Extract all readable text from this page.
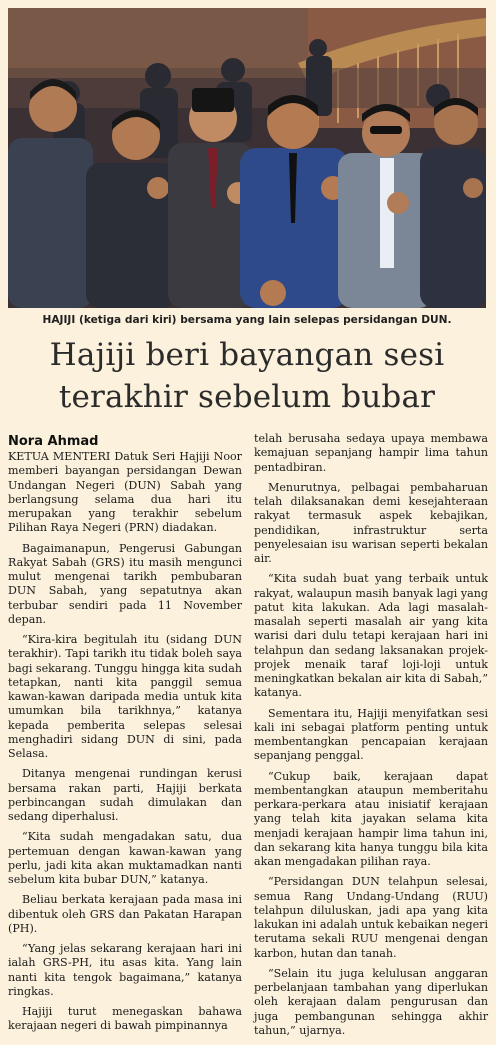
HAJIJI (ketiga dari kiri) bersama yang lain selepas persidangan DUN.
Hajiji beri bayangan sesi
terakhir sebelum bubar
Nora Ahmad

KETUA MENTERI Datuk Seri Hajiji Noor memberi bayangan persidangan Dewan Undangan Negeri (DUN) Sabah yang berlangsung selama dua hari itu merupakan yang terakhir sebelum Pilihan Raya Negeri (PRN) diadakan.

Bagaimanapun, Pengerusi Gabungan Rakyat Sabah (GRS) itu masih mengunci mulut mengenai tarikh pembubaran DUN Sabah, yang sepatutnya akan terbubar sendiri pada 11 November depan.

“Kira-kira begitulah itu (sidang DUN terakhir). Tapi tarikh itu tidak boleh saya bagi sekarang. Tunggu hingga kita sudah tetapkan, nanti kita panggil semua kawan-kawan daripada media untuk kita umumkan bila tarikhnya,” katanya kepada pemberita selepas selesai menghadiri sidang DUN di sini, pada Selasa.

Ditanya mengenai rundingan kerusi bersama rakan parti, Hajiji berkata perbincangan sudah dimulakan dan sedang diperhalusi.

“Kita sudah mengadakan satu, dua pertemuan dengan kawan-kawan yang perlu, jadi kita akan muktamadkan nanti sebelum kita bubar DUN,” katanya.

Beliau berkata kerajaan pada masa ini dibentuk oleh GRS dan Pakatan Harapan (PH).

“Yang jelas sekarang kerajaan hari ini ialah GRS-PH, itu asas kita. Yang lain nanti kita tengok bagaimana,” katanya ringkas.

Hajiji turut menegaskan bahawa kerajaan negeri di bawah pimpinannya

telah berusaha sedaya upaya membawa kemajuan sepanjang hampir lima tahun pentadbiran.

Menurutnya, pelbagai pembaharuan telah dilaksanakan demi kesejahteraan rakyat termasuk aspek kebajikan, pendidikan, infrastruktur serta penyelesaian isu warisan seperti bekalan air.

“Kita sudah buat yang terbaik untuk rakyat, walaupun masih banyak lagi yang patut kita lakukan. Ada lagi masalah-masalah seperti masalah air yang kita warisi dari dulu tetapi kerajaan hari ini telahpun dan sedang laksanakan projek-projek menaik taraf loji-loji untuk meningkatkan bekalan air kita di Sabah,” katanya.

Sementara itu, Hajiji menyifatkan sesi kali ini sebagai platform penting untuk membentangkan pencapaian kerajaan sepanjang penggal.

“Cukup baik, kerajaan dapat membentangkan ataupun memberitahu perkara-perkara atau inisiatif kerajaan yang telah kita jayakan selama kita menjadi kerajaan hampir lima tahun ini, dan sekarang kita hanya tunggu bila kita akan mengadakan pilihan raya.

“Persidangan DUN telahpun selesai, semua Rang Undang-Undang (RUU) telahpun diluluskan, jadi apa yang kita lakukan ini adalah untuk kebaikan negeri terutama sekali RUU mengenai dengan karbon, hutan dan tanah.

“Selain itu juga kelulusan anggaran perbelanjaan tambahan yang diperlukan oleh kerajaan dalam pengurusan dan juga pembangunan sehingga akhir tahun,” ujarnya.
